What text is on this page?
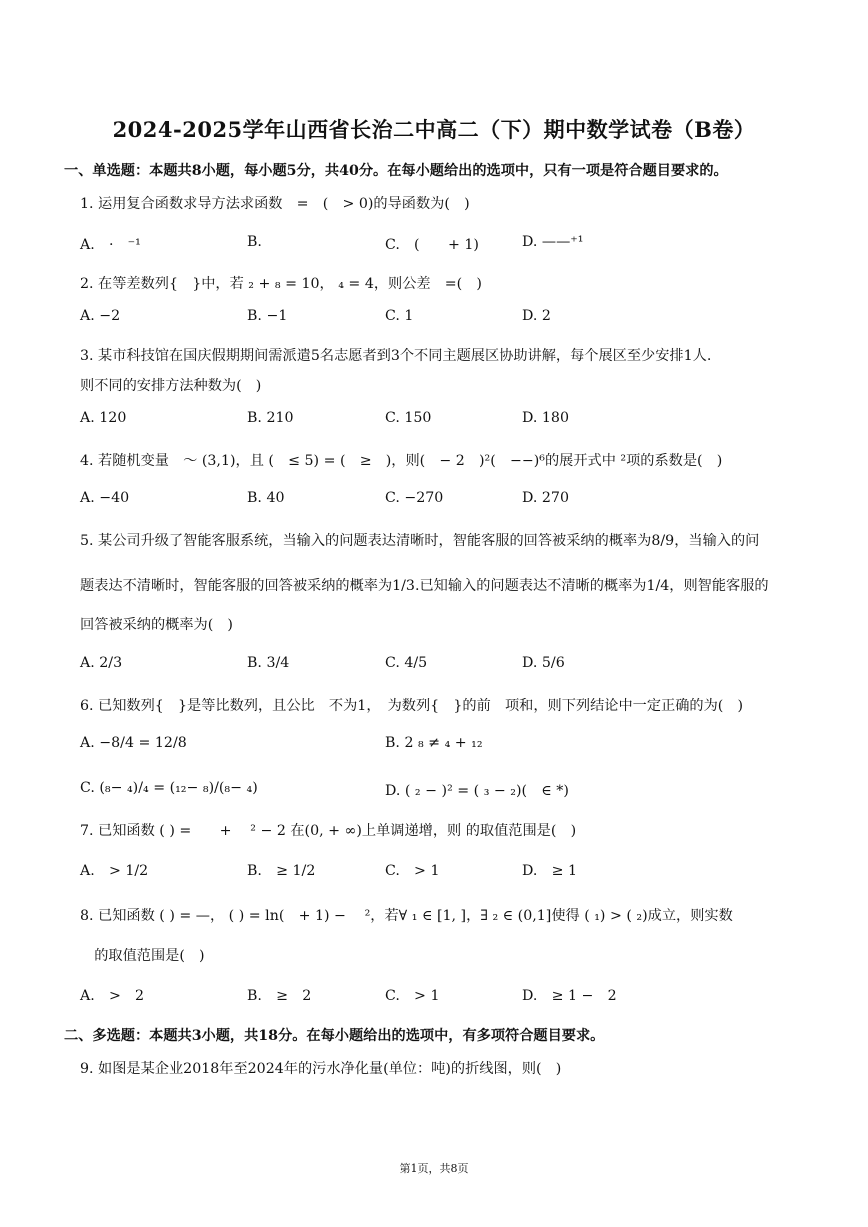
2024-2025学年山西省长治二中高二（下）期中数学试卷（B卷）
一、单选题：本题共8小题，每小题5分，共40分。在每小题给出的选项中，只有一项是符合题目要求的。
1. 运用复合函数求导方法求函数　=　(　> 0)的导函数为(　)
A.　·　⁻¹	B.	C.　(　　+ 1)	D. ——⁺¹
2. 在等差数列{　}中，若 ₂ + ₈ = 10， ₄ = 4，则公差　=(　)
A. −2	B. −1	C. 1	D. 2
3. 某市科技馆在国庆假期期间需派遣5名志愿者到3个不同主题展区协助讲解，每个展区至少安排1人.
则不同的安排方法种数为(　)
A. 120	B. 210	C. 150	D. 180
4. 若随机变量　～ (3,1)，且 (　≤ 5) = (　≥　)，则(　− 2　)²(　−−)⁶的展开式中 ²项的系数是(　)
A. −40	B. 40	C. −270	D. 270
5. 某公司升级了智能客服系统，当输入的问题表达清晰时，智能客服的回答被采纳的概率为8/9，当输入的问
题表达不清晰时，智能客服的回答被采纳的概率为1/3.已知输入的问题表达不清晰的概率为1/4，则智能客服的
回答被采纳的概率为(　)
A. 2/3	B. 3/4	C. 4/5	D. 5/6
6. 已知数列{　}是等比数列，且公比　不为1，　为数列{　}的前　项和，则下列结论中一定正确的为(　)
A. −8/4 = 12/8	B. 2 ₈ ≠ ₄ + ₁₂
C. (₈− ₄)/₄ = (₁₂− ₈)/(₈− ₄)	D. ( ₂ − )² = ( ₃ − ₂)(　∈ *)
7. 已知函数 ( ) =　　+　 ² − 2 在(0, + ∞)上单调递增，则 的取值范围是(　)
A.　> 1/2	B.　≥ 1/2	C.　> 1	D.　≥ 1
8. 已知函数 ( ) = —， ( ) = ln(　+ 1) −　 ²，若∀ ₁ ∈ [1, ]，∃ ₂ ∈ (0,1]使得 ( ₁) > ( ₂)成立，则实数
　的取值范围是(　)
A.　>　2	B.　≥　2	C.　> 1	D.　≥ 1 −　2
二、多选题：本题共3小题，共18分。在每小题给出的选项中，有多项符合题目要求。
9. 如图是某企业2018年至2024年的污水净化量(单位：吨)的折线图，则(　)
第1页，共8页
